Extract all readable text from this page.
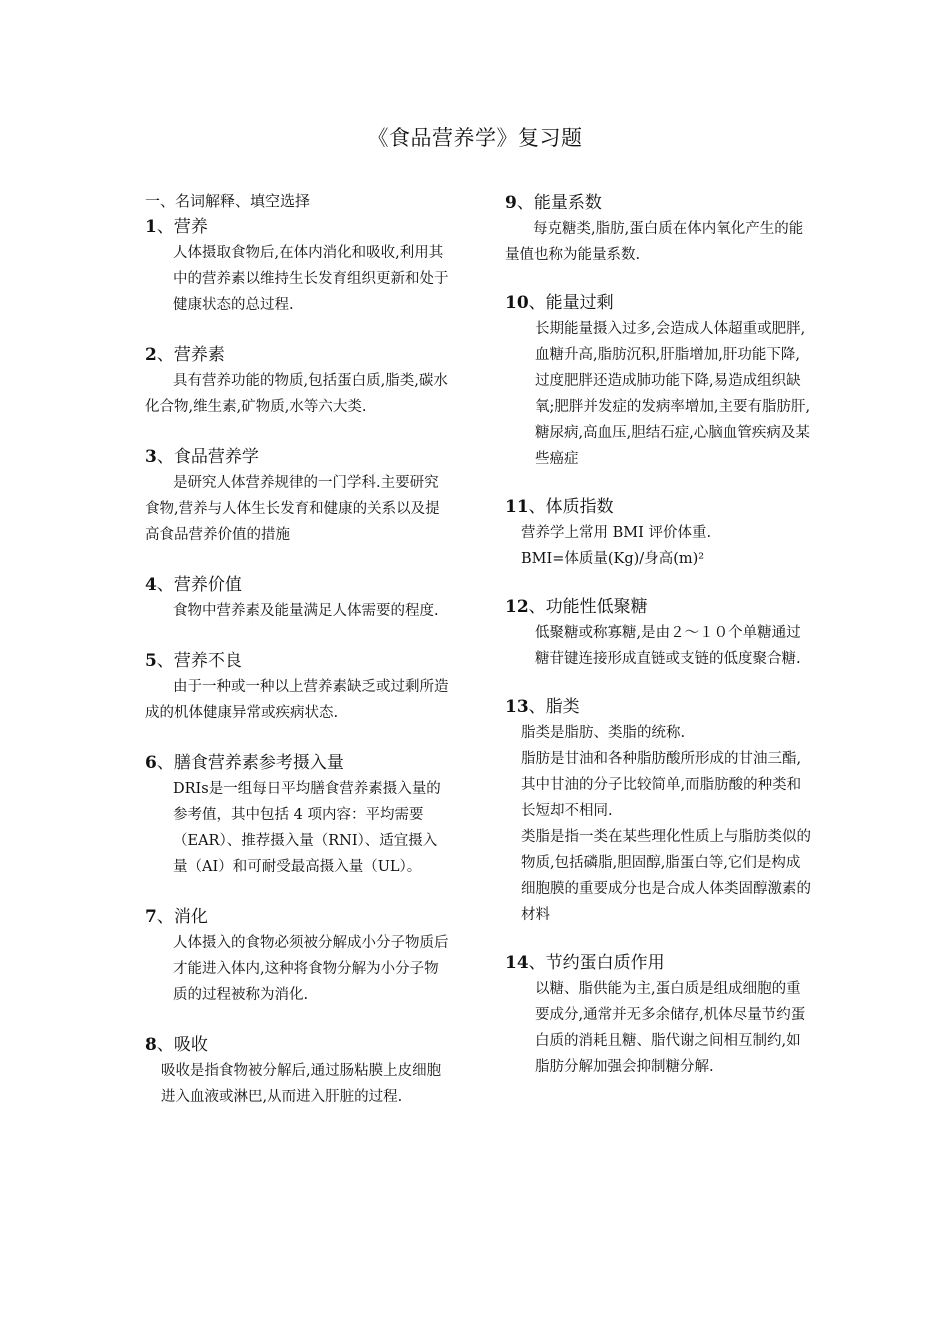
《食品营养学》复习题
一、名词解释、填空选择
1、营养

人体摄取食物后,在体内消化和吸收,利用其中的营养素以维持生长发育组织更新和处于健康状态的总过程.

2、营养素

具有营养功能的物质,包括蛋白质,脂类,碳水化合物,维生素,矿物质,水等六大类.

3、食品营养学

是研究人体营养规律的一门学科.主要研究食物,营养与人体生长发育和健康的关系以及提高食品营养价值的措施

4、营养价值

食物中营养素及能量满足人体需要的程度.

5、营养不良

由于一种或一种以上营养素缺乏或过剩所造成的机体健康异常或疾病状态.

6、膳食营养素参考摄入量

DRIs是一组每日平均膳食营养素摄入量的参考值，其中包括 4 项内容：平均需要（EAR）、推荐摄入量（RNI）、适宜摄入量（AI）和可耐受最高摄入量（UL）。

7、消化

人体摄入的食物必须被分解成小分子物质后才能进入体内,这种将食物分解为小分子物质的过程被称为消化.

8、吸收

吸收是指食物被分解后,通过肠粘膜上皮细胞进入血液或淋巴,从而进入肝脏的过程.

9、能量系数

每克糖类,脂肪,蛋白质在体内氧化产生的能量值也称为能量系数.

10、能量过剩

长期能量摄入过多,会造成人体超重或肥胖,血糖升高,脂肪沉积,肝脂增加,肝功能下降,过度肥胖还造成肺功能下降,易造成组织缺氧;肥胖并发症的发病率增加,主要有脂肪肝,糖尿病,高血压,胆结石症,心脑血管疾病及某些癌症

11、体质指数

营养学上常用 BMI 评价体重.

BMI=体质量(Kg)/身高(m)²

12、功能性低聚糖

低聚糖或称寡糖,是由２～１０个单糖通过糖苷键连接形成直链或支链的低度聚合糖.

13、脂类

脂类是脂肪、类脂的统称.

脂肪是甘油和各种脂肪酸所形成的甘油三酯,其中甘油的分子比较简单,而脂肪酸的种类和长短却不相同.

类脂是指一类在某些理化性质上与脂肪类似的物质,包括磷脂,胆固醇,脂蛋白等,它们是构成细胞膜的重要成分也是合成人体类固醇激素的材料

14、节约蛋白质作用

以糖、脂供能为主,蛋白质是组成细胞的重要成分,通常并无多余储存,机体尽量节约蛋白质的消耗且糖、脂代谢之间相互制约,如脂肪分解加强会抑制糖分解.
